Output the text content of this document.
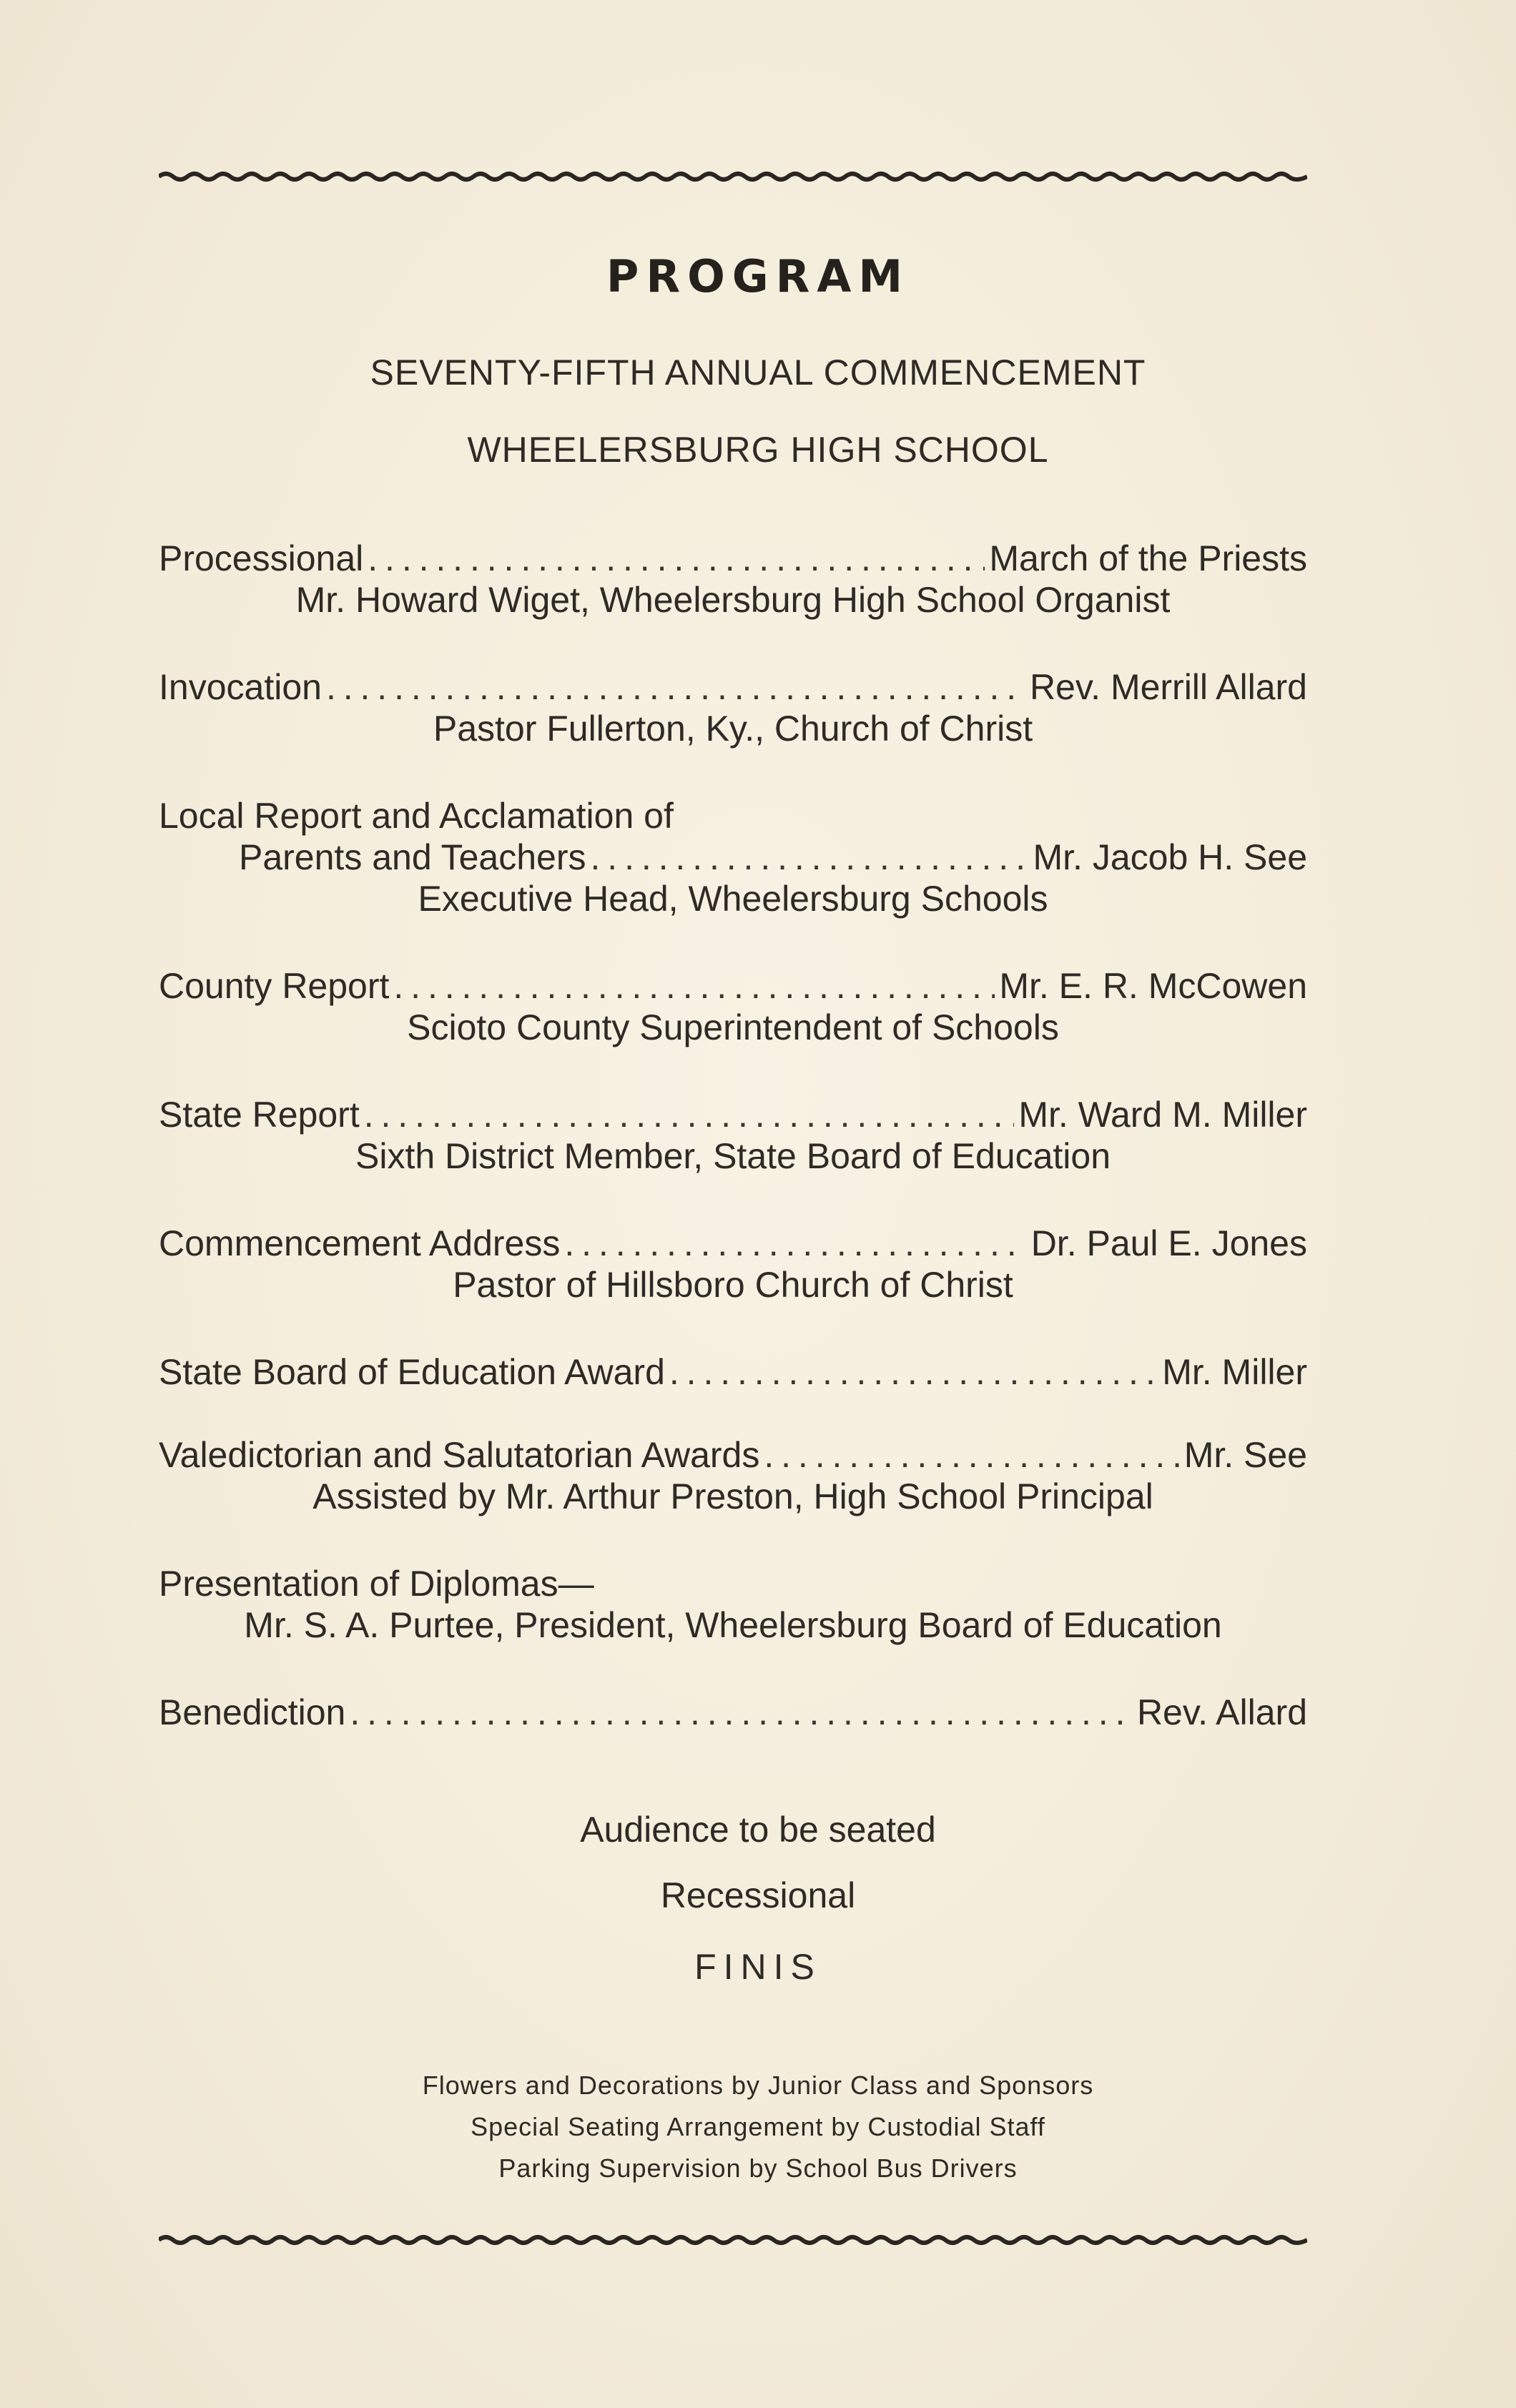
PROGRAM
SEVENTY-FIFTH ANNUAL COMMENCEMENT
WHEELERSBURG HIGH SCHOOL
Processional . . .	March of the Priests
Mr. Howard Wiget, Wheelersburg High School Organist
Invocation . . .	Rev. Merrill Allard
Pastor Fullerton, Ky., Church of Christ
Local Report and Acclamation of
Parents and Teachers . . .	Mr. Jacob H. See
Executive Head, Wheelersburg Schools
County Report . . .	Mr. E. R. McCowen
Scioto County Superintendent of Schools
State Report . . .	Mr. Ward M. Miller
Sixth District Member, State Board of Education
Commencement Address . . .	Dr. Paul E. Jones
Pastor of Hillsboro Church of Christ
State Board of Education Award . . .	Mr. Miller
Valedictorian and Salutatorian Awards . . .	Mr. See
Assisted by Mr. Arthur Preston, High School Principal
Presentation of Diplomas—
Mr. S. A. Purtee, President, Wheelersburg Board of Education
Benediction . . .	Rev. Allard
Audience to be seated
Recessional
FINIS
Flowers and Decorations by Junior Class and Sponsors
Special Seating Arrangement by Custodial Staff
Parking Supervision by School Bus Drivers
